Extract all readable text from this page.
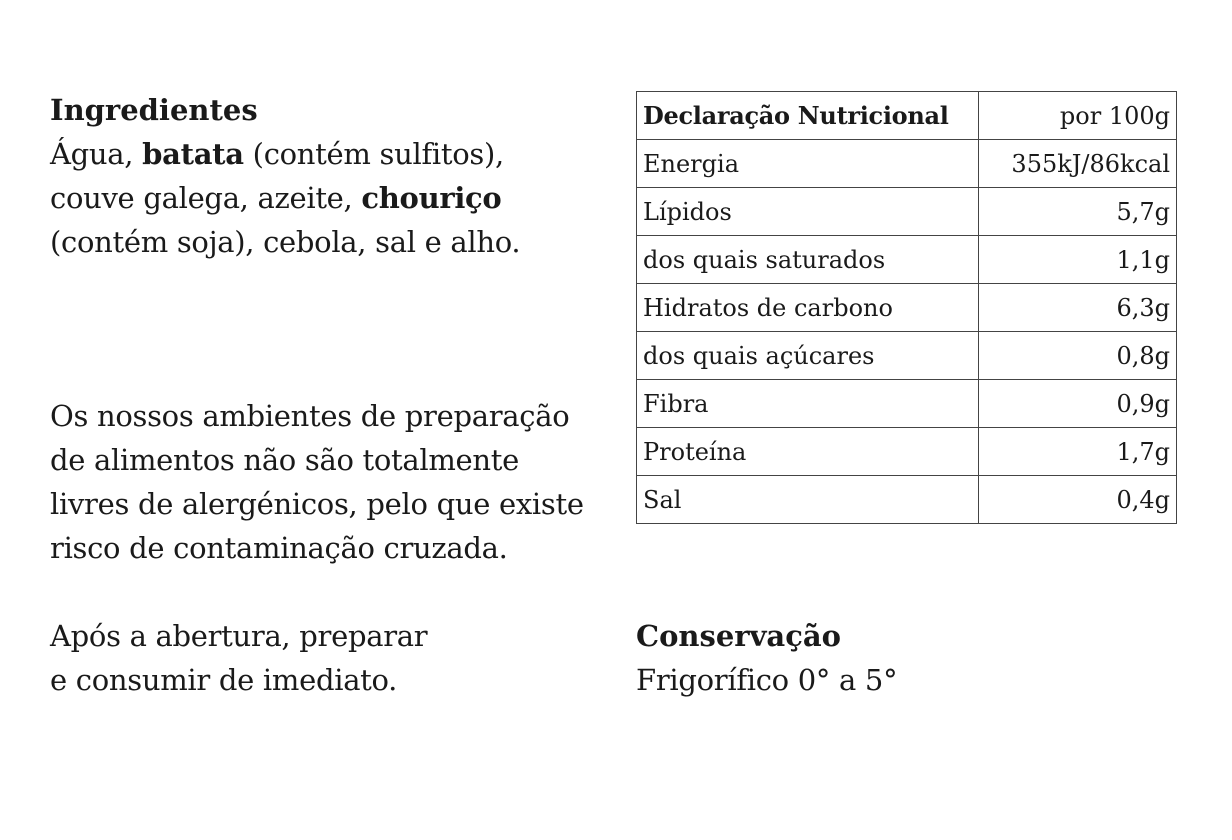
Ingredientes

Água, batata (contém sulfitos),

couve galega, azeite, chouriço

(contém soja), cebola, sal e alho.

Os nossos ambientes de preparação

de alimentos não são totalmente

livres de alergénicos, pelo que existe

risco de contaminação cruzada.

Após a abertura, preparar

e consumir de imediato.

Conservação

Frigorífico 0° a 5°

Declaração Nutricional	por 100g
Energia	355kJ/86kcal
Lípidos	5,7g
dos quais saturados	1,1g
Hidratos de carbono	6,3g
dos quais açúcares	0,8g
Fibra	0,9g
Proteína	1,7g
Sal	0,4g
